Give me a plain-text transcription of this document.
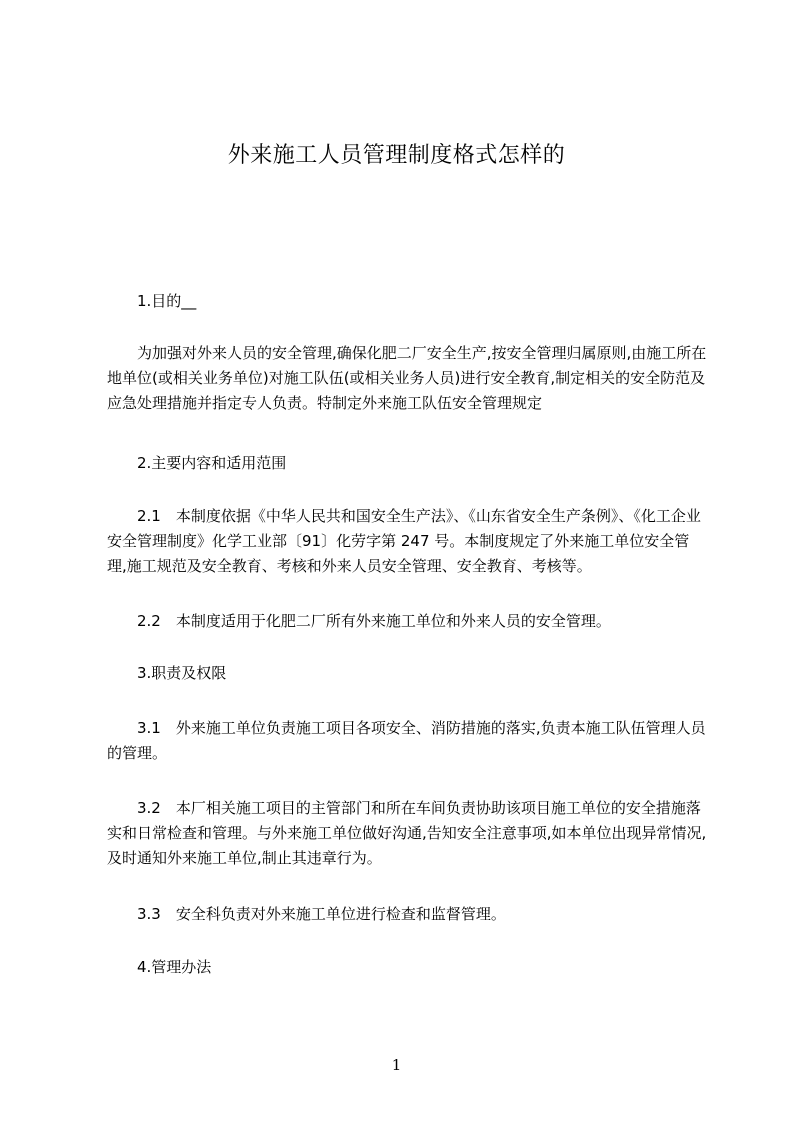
外来施工人员管理制度格式怎样的

1.目的__

为加强对外来人员的安全管理,确保化肥二厂安全生产,按安全管理归属原则,由施工所在地单位(或相关业务单位)对施工队伍(或相关业务人员)进行安全教育,制定相关的安全防范及应急处理措施并指定专人负责。特制定外来施工队伍安全管理规定

2.主要内容和适用范围

2.1　本制度依据《中华人民共和国安全生产法》、《山东省安全生产条例》、《化工企业安全管理制度》化学工业部〔91〕化劳字第 247 号。本制度规定了外来施工单位安全管理,施工规范及安全教育、考核和外来人员安全管理、安全教育、考核等。

2.2　本制度适用于化肥二厂所有外来施工单位和外来人员的安全管理。

3.职责及权限

3.1　外来施工单位负责施工项目各项安全、消防措施的落实,负责本施工队伍管理人员的管理。

3.2　本厂相关施工项目的主管部门和所在车间负责协助该项目施工单位的安全措施落实和日常检查和管理。与外来施工单位做好沟通,告知安全注意事项,如本单位出现异常情况,及时通知外来施工单位,制止其违章行为。

3.3　安全科负责对外来施工单位进行检查和监督管理。

4.管理办法

1
